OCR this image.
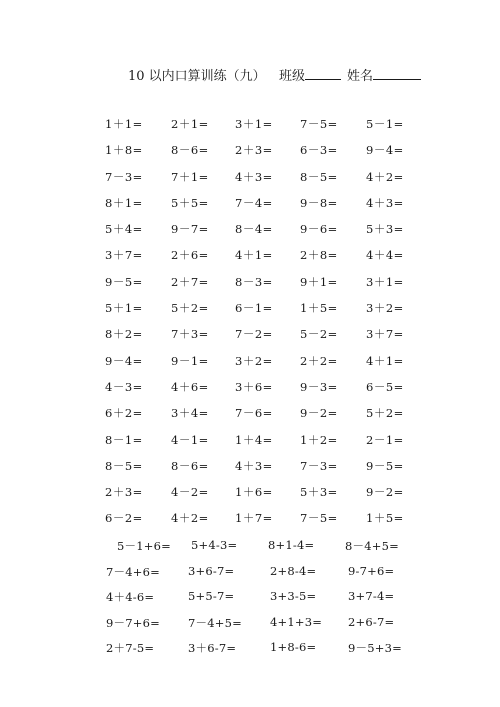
10 以内口算训练（九） 班级	姓名
1＋1= 2＋1= 3＋1= 7－5= 5－1=
1＋8= 8－6= 2＋3= 6－3= 9－4=
7－3= 7＋1= 4＋3= 8－5= 4＋2=
8＋1= 5＋5= 7－4= 9－8= 4＋3=
5＋4= 9－7= 8－4= 9－6= 5＋3=
3＋7= 2＋6= 4＋1= 2＋8= 4＋4=
9－5= 2＋7= 8－3= 9＋1= 3＋1=
5＋1= 5＋2= 6－1= 1＋5= 3＋2=
8＋2= 7＋3= 7－2= 5－2= 3＋7=
9－4= 9－1= 3＋2= 2＋2= 4＋1=
4－3= 4＋6= 3＋6= 9－3= 6－5=
6＋2= 3＋4= 7－6= 9－2= 5＋2=
8－1= 4－1= 1＋4= 1＋2= 2－1=
8－5= 8－6= 4＋3= 7－3= 9－5=
2＋3= 4－2= 1＋6= 5＋3= 9－2=
6－2= 4＋2= 1＋7= 7－5= 1＋5=
5－1+6= 5+4-3=	8+1-4=	8－4+5=
7－4+6= 3+6-7=	2+8-4=	9-7+6=
4＋4-6=	5+5-7=	3+3-5=	3+7-4=
9－7+6= 7－4+5= 4+1+3= 2+6-7=
2＋7-5=	3＋6-7=	1+8-6=	9－5+3=
